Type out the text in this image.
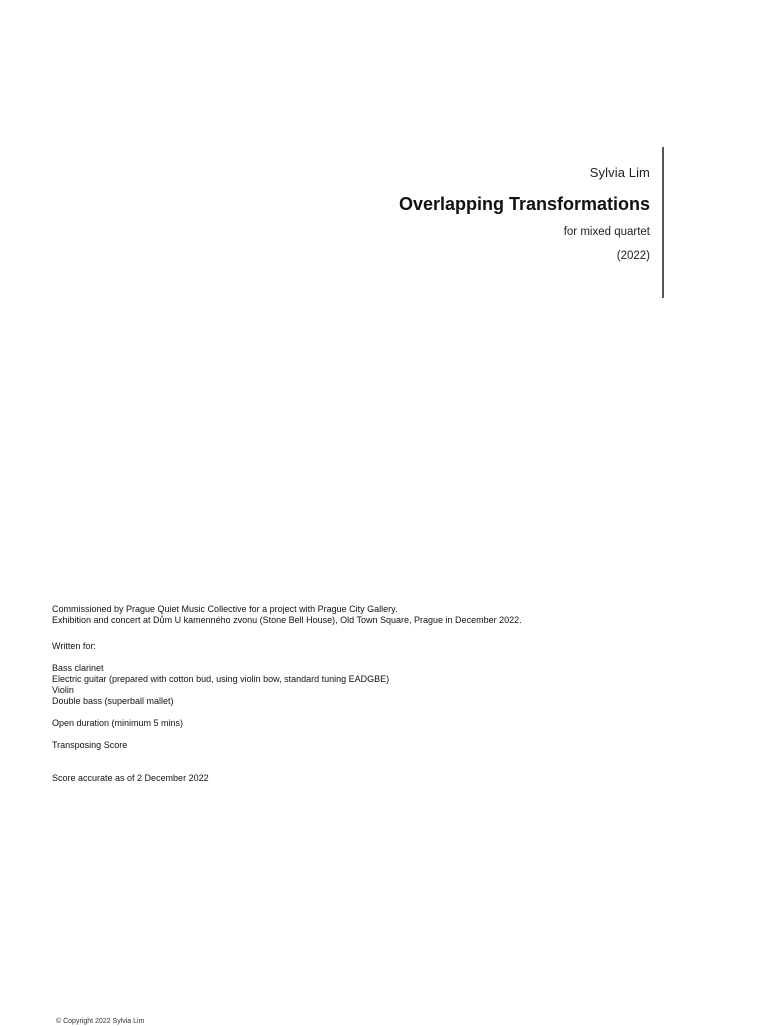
Sylvia Lim
Overlapping Transformations
for mixed quartet
(2022)
Commissioned by Prague Quiet Music Collective for a project with Prague City Gallery.
Exhibition and concert at Dům U kamenného zvonu (Stone Bell House), Old Town Square, Prague in December 2022.
Written for:
Bass clarinet
Electric guitar (prepared with cotton bud, using violin bow, standard tuning EADGBE)
Violin
Double bass (superball mallet)
Open duration (minimum 5 mins)
Transposing Score
Score accurate as of 2 December 2022
© Copyright 2022 Sylvia Lim
